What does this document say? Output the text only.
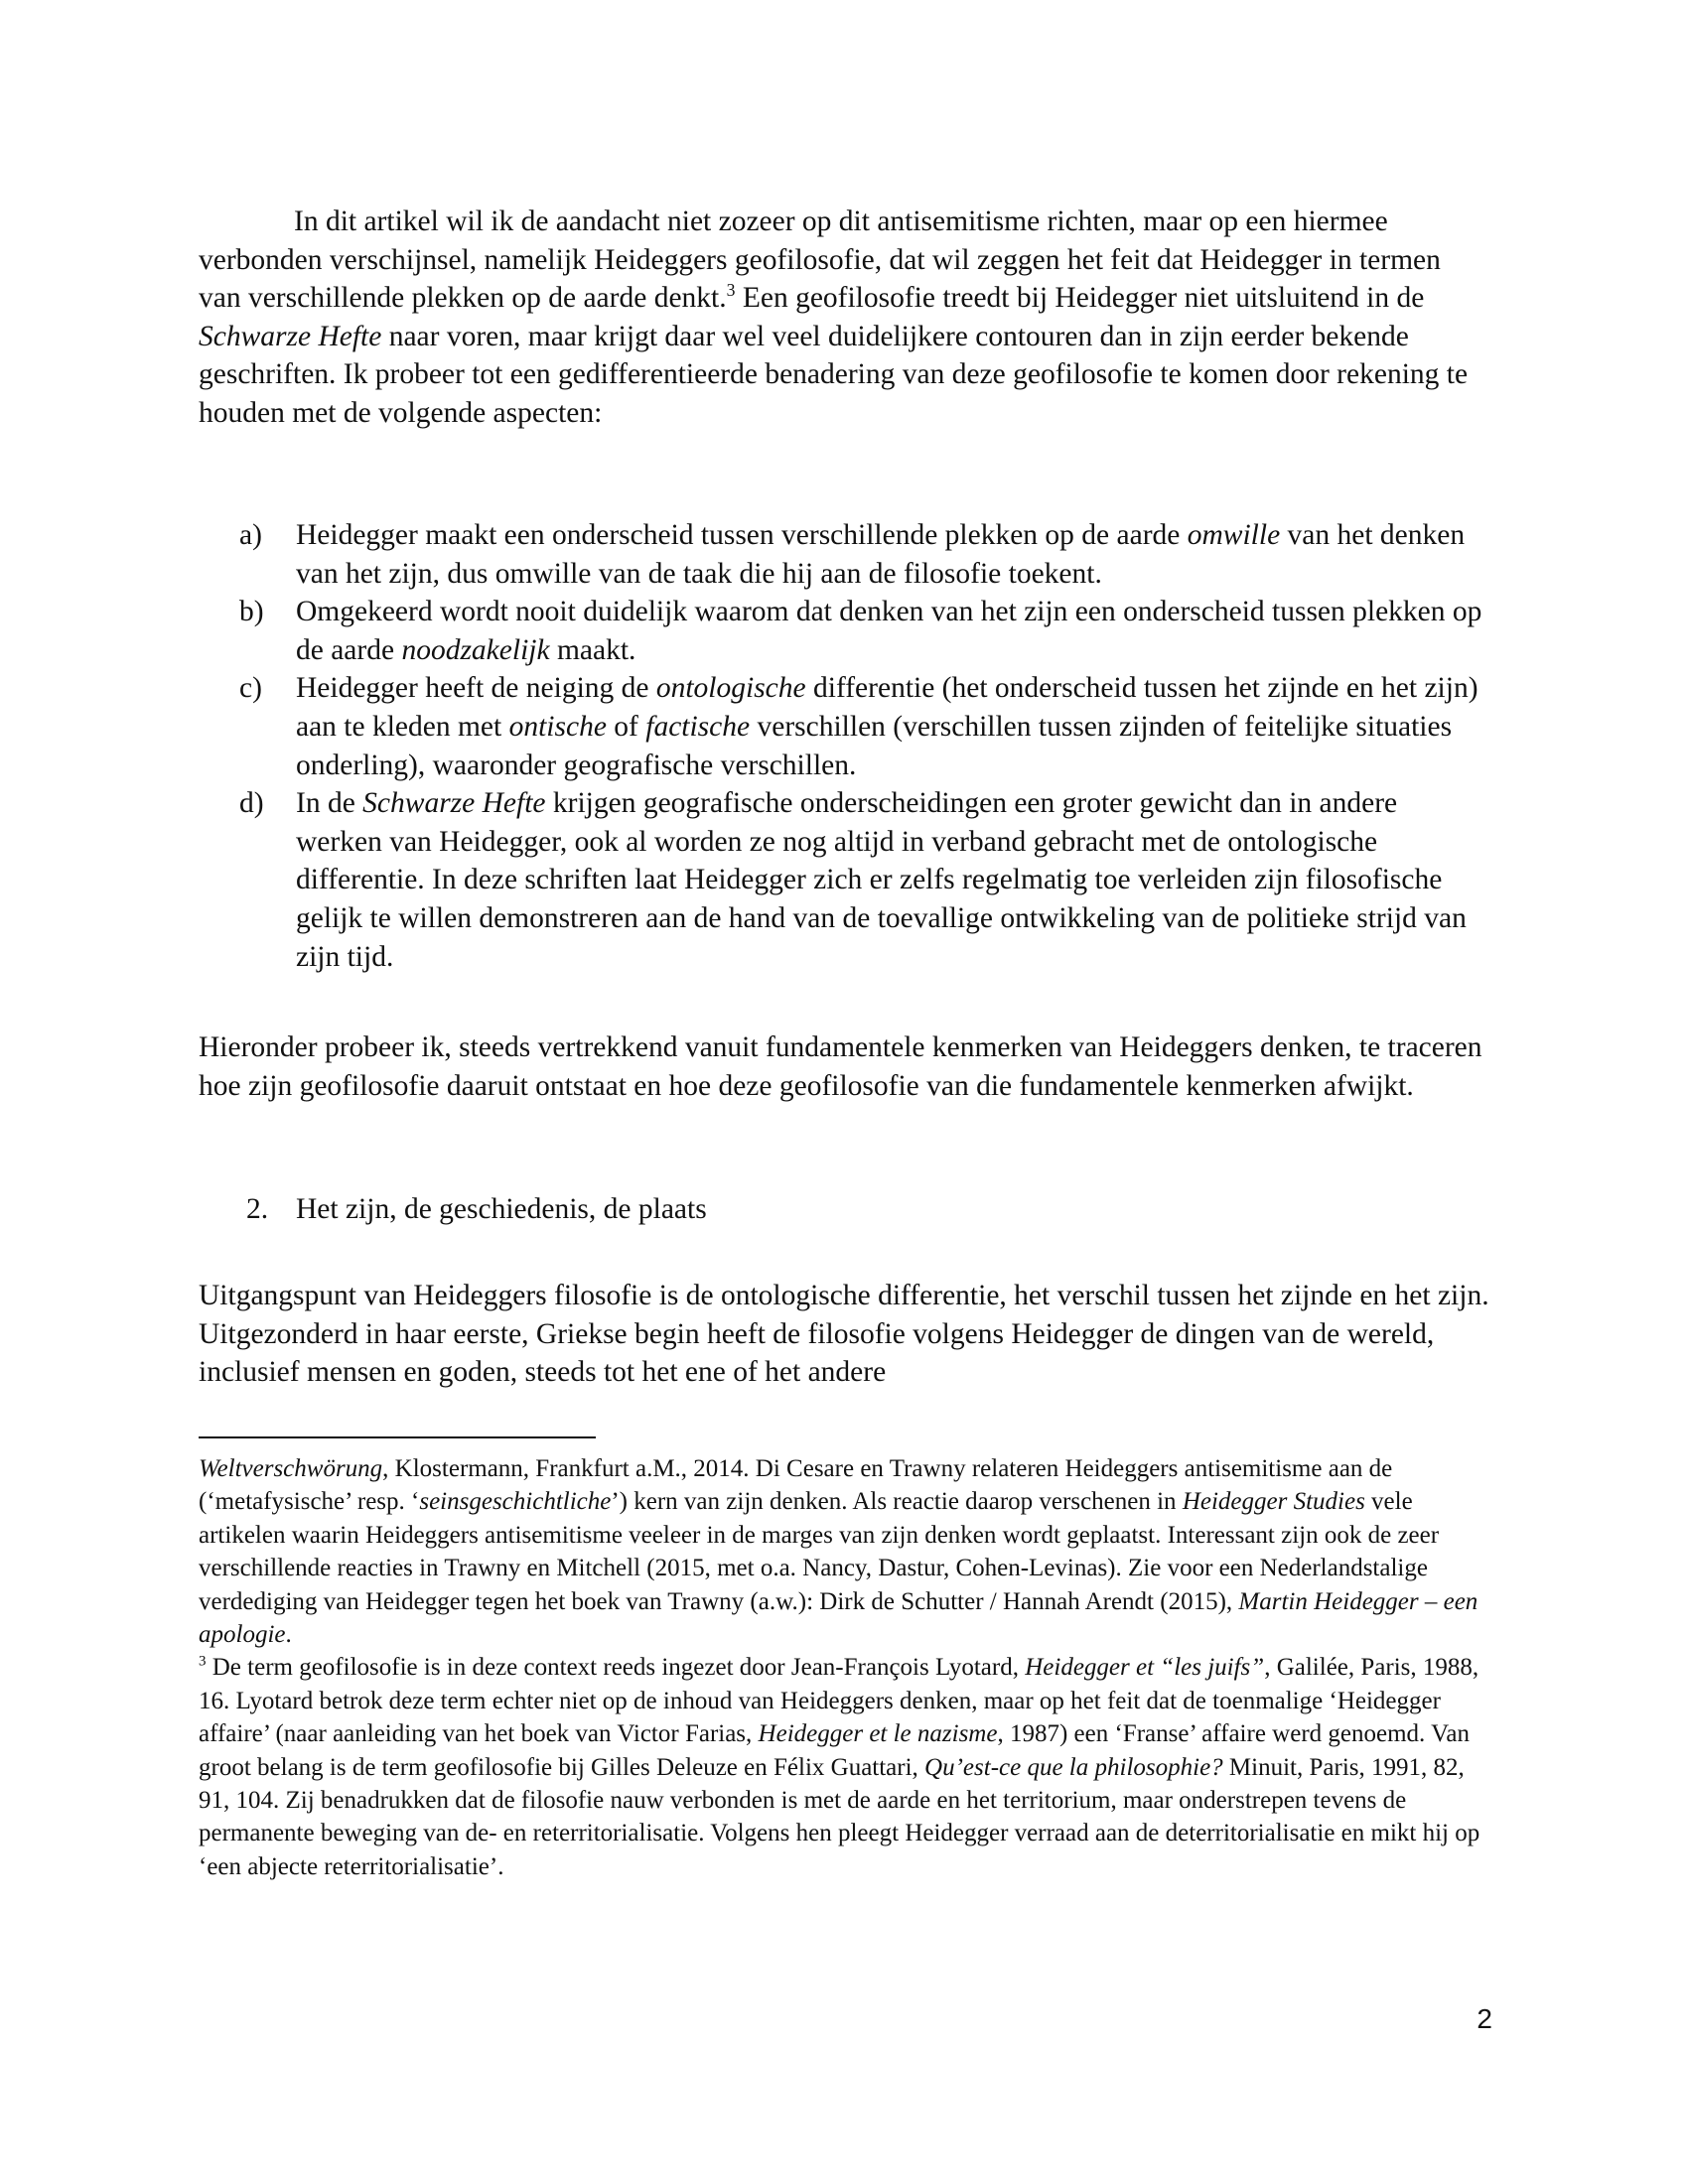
In dit artikel wil ik de aandacht niet zozeer op dit antisemitisme richten, maar op een hiermee verbonden verschijnsel, namelijk Heideggers geofilosofie, dat wil zeggen het feit dat Heidegger in termen van verschillende plekken op de aarde denkt.$^3$ Een geofilosofie treedt bij Heidegger niet uitsluitend in de Schwarze Hefte naar voren, maar krijgt daar wel veel duidelijkere contouren dan in zijn eerder bekende geschriften. Ik probeer tot een gedifferentieerde benadering van deze geofilosofie te komen door rekening te houden met de volgende aspecten:

a) Heidegger maakt een onderscheid tussen verschillende plekken op de aarde omwille van het denken van het zijn, dus omwille van de taak die hij aan de filosofie toekent.
b) Omgekeerd wordt nooit duidelijk waarom dat denken van het zijn een onderscheid tussen plekken op de aarde noodzakelijk maakt.
c) Heidegger heeft de neiging de ontologische differentie (het onderscheid tussen het zijnde en het zijn) aan te kleden met ontische of factische verschillen (verschillen tussen zijnden of feitelijke situaties onderling), waaronder geografische verschillen.
d) In de Schwarze Hefte krijgen geografische onderscheidingen een groter gewicht dan in andere werken van Heidegger, ook al worden ze nog altijd in verband gebracht met de ontologische differentie. In deze schriften laat Heidegger zich er zelfs regelmatig toe verleiden zijn filosofische gelijk te willen demonstreren aan de hand van de toevallige ontwikkeling van de politieke strijd van zijn tijd.

Hieronder probeer ik, steeds vertrekkend vanuit fundamentele kenmerken van Heideggers denken, te traceren hoe zijn geofilosofie daaruit ontstaat en hoe deze geofilosofie van die fundamentele kenmerken afwijkt.

2. Het zijn, de geschiedenis, de plaats

Uitgangspunt van Heideggers filosofie is de ontologische differentie, het verschil tussen het zijnde en het zijn. Uitgezonderd in haar eerste, Griekse begin heeft de filosofie volgens Heidegger de dingen van de wereld, inclusief mensen en goden, steeds tot het ene of het andere

Weltverschwörung, Klostermann, Frankfurt a.M., 2014. Di Cesare en Trawny relateren Heideggers antisemitisme aan de (‘metafysische’ resp. ‘seinsgeschichtliche’) kern van zijn denken. Als reactie daarop verschenen in Heidegger Studies vele artikelen waarin Heideggers antisemitisme veeleer in de marges van zijn denken wordt geplaatst. Interessant zijn ook de zeer verschillende reacties in Trawny en Mitchell (2015, met o.a. Nancy, Dastur, Cohen-Levinas). Zie voor een Nederlandstalige verdediging van Heidegger tegen het boek van Trawny (a.w.): Dirk de Schutter / Hannah Arendt (2015), Martin Heidegger – een apologie.

$^3$ De term geofilosofie is in deze context reeds ingezet door Jean-François Lyotard, Heidegger et “les juifs”, Galilée, Paris, 1988, 16. Lyotard betrok deze term echter niet op de inhoud van Heideggers denken, maar op het feit dat de toenmalige ‘Heidegger affaire’ (naar aanleiding van het boek van Victor Farias, Heidegger et le nazisme, 1987) een ‘Franse’ affaire werd genoemd. Van groot belang is de term geofilosofie bij Gilles Deleuze en Félix Guattari, Qu’est-ce que la philosophie? Minuit, Paris, 1991, 82, 91, 104. Zij benadrukken dat de filosofie nauw verbonden is met de aarde en het territorium, maar onderstrepen tevens de permanente beweging van de- en reterritorialisatie. Volgens hen pleegt Heidegger verraad aan de deterritorialisatie en mikt hij op ‘een abjecte reterritorialisatie’.

2
